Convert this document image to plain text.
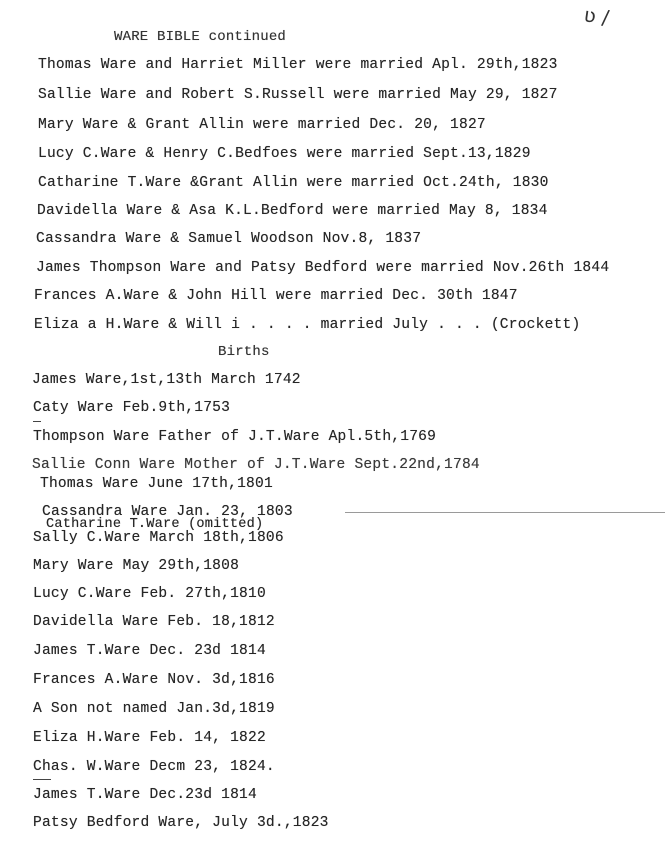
ʋ /
WARE BIBLE continued
Thomas Ware and Harriet Miller were married Apl. 29th,1823
Sallie Ware and Robert S.Russell were married May 29, 1827
Mary Ware & Grant Allin were married Dec. 20, 1827
Lucy C.Ware & Henry C.Bedfoes were married Sept.13,1829
Catharine T.Ware &Grant Allin were married Oct.24th, 1830
Davidella Ware & Asa K.L.Bedford were married May 8, 1834
Cassandra Ware & Samuel Woodson Nov.8, 1837
James Thompson Ware and Patsy Bedford were married Nov.26th 1844
Frances A.Ware & John Hill were married Dec. 30th 1847
Eliza a H.Ware & Will i . . . . married July . . . (Crockett)
Births
James Ware,1st,13th March 1742
Caty Ware Feb.9th,1753
Thompson Ware Father of J.T.Ware Apl.5th,1769
Sallie Conn Ware Mother of J.T.Ware Sept.22nd,1784
Thomas Ware June 17th,1801
Cassandra Ware Jan. 23, 1803
Catharine T.Ware (omitted)
Sally C.Ware March 18th,1806
Mary Ware May 29th,1808
Lucy C.Ware Feb. 27th,1810
Davidella Ware Feb. 18,1812
James T.Ware Dec. 23d 1814
Frances A.Ware Nov. 3d,1816
A Son not named Jan.3d,1819
Eliza H.Ware Feb. 14, 1822
Chas. W.Ware Decm 23, 1824.
James T.Ware Dec.23d 1814
Patsy Bedford Ware, July 3d.,1823
